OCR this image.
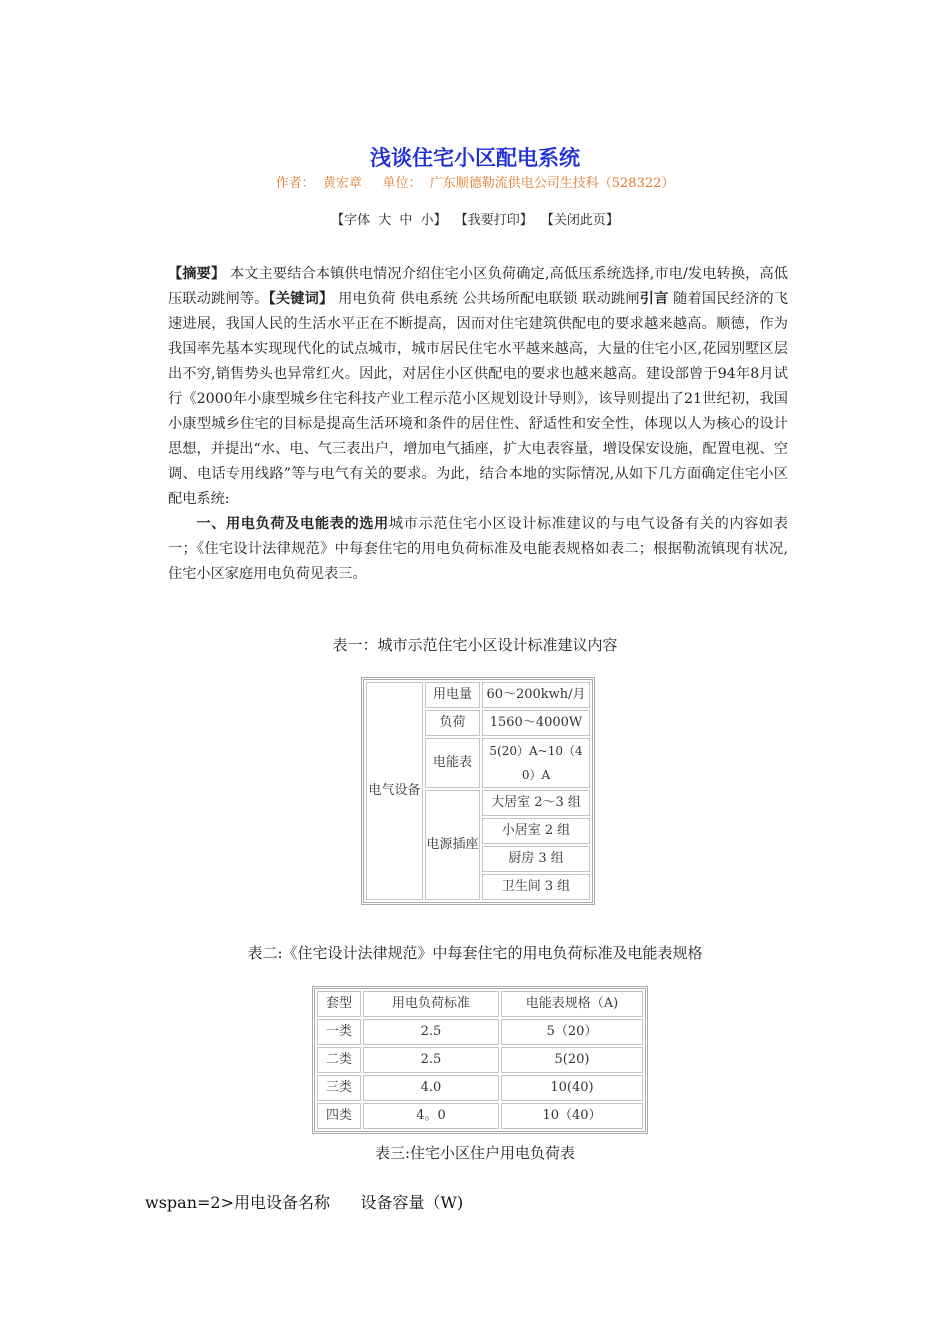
浅谈住宅小区配电系统
作者：  黄宏章     单位：  广东顺德勒流供电公司生技科（528322）
【字体 大 中 小】 【我要打印】 【关闭此页】

【摘要】 本文主要结合本镇供电情况介绍住宅小区负荷确定,高低压系统选择,市电/发电转换，高低压联动跳闸等。【关键词】 用电负荷 供电系统 公共场所配电联锁 联动跳闸引言 随着国民经济的飞速进展，我国人民的生活水平正在不断提高，因而对住宅建筑供配电的要求越来越高。顺德，作为我国率先基本实现现代化的试点城市，城市居民住宅水平越来越高，大量的住宅小区,花园别墅区层出不穷,销售势头也异常红火。因此，对居住小区供配电的要求也越来越高。建设部曾于94年8月试行《2000年小康型城乡住宅科技产业工程示范小区规划设计导则》，该导则提出了21世纪初，我国小康型城乡住宅的目标是提高生活环境和条件的居住性、舒适性和安全性，体现以人为核心的设计思想，并提出“水、电、气三表出户，增加电气插座，扩大电表容量，增设保安设施，配置电视、空调、电话专用线路”等与电气有关的要求。为此，结合本地的实际情况,从如下几方面确定住宅小区配电系统:

一、用电负荷及电能表的选用城市示范住宅小区设计标准建议的与电气设备有关的内容如表一；《住宅设计法律规范》中每套住宅的用电负荷标准及电能表规格如表二；根据勒流镇现有状况,住宅小区家庭用电负荷见表三。

表一：城市示范住宅小区设计标准建议内容
电气设备	用电量	60～200kwh/月
	负荷	1560～4000W
	电能表	5(20）A~10（40）A
	电源插座	大居室 2～3 组
		小居室 2 组
		厨房 3 组
		卫生间 3 组
表二:《住宅设计法律规范》中每套住宅的用电负荷标准及电能表规格
套型	用电负荷标准	电能表规格（A)
一类	2.5	5（20）
二类	2.5	5(20)
三类	4.0	10(40)
四类	4。0	10（40）
表三:住宅小区住户用电负荷表
wspan=2>用电设备名称      设备容量（W)
